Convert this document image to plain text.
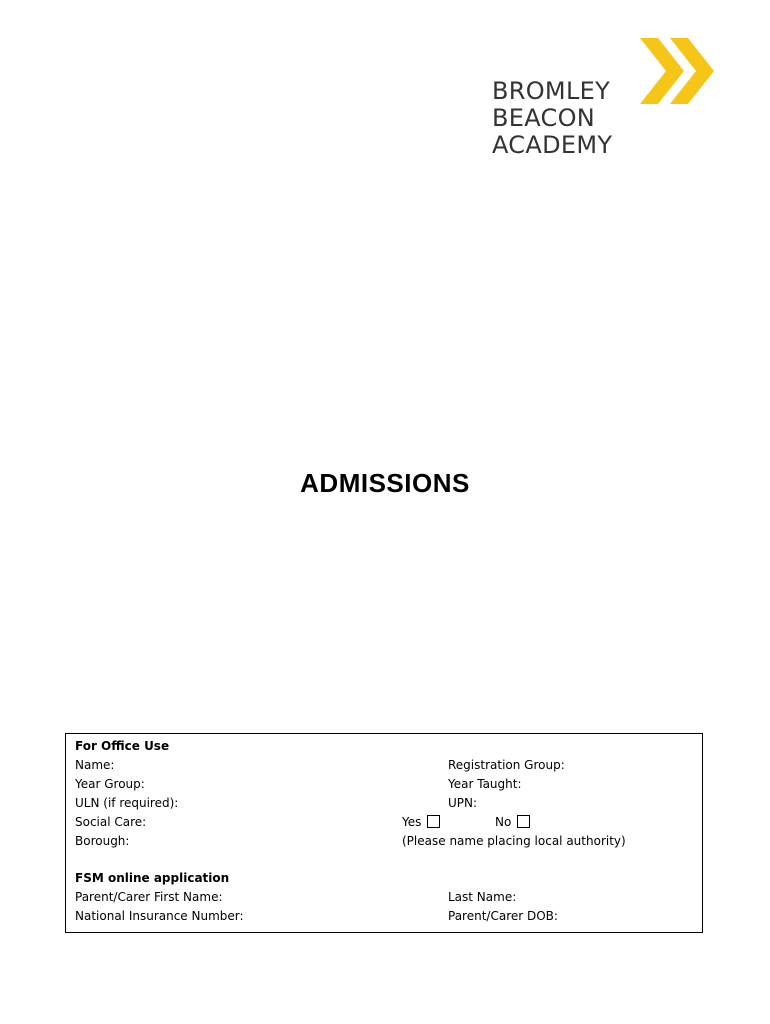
BROMLEY
BEACON
ACADEMY
ADMISSIONS
For Office Use
Name:	Registration Group:
Year Group:	Year Taught:
ULN (if required):	UPN:
Social Care:	Yes	No
Borough:	(Please name placing local authority)
FSM online application
Parent/Carer First Name:	Last Name:
National Insurance Number:	Parent/Carer DOB:
